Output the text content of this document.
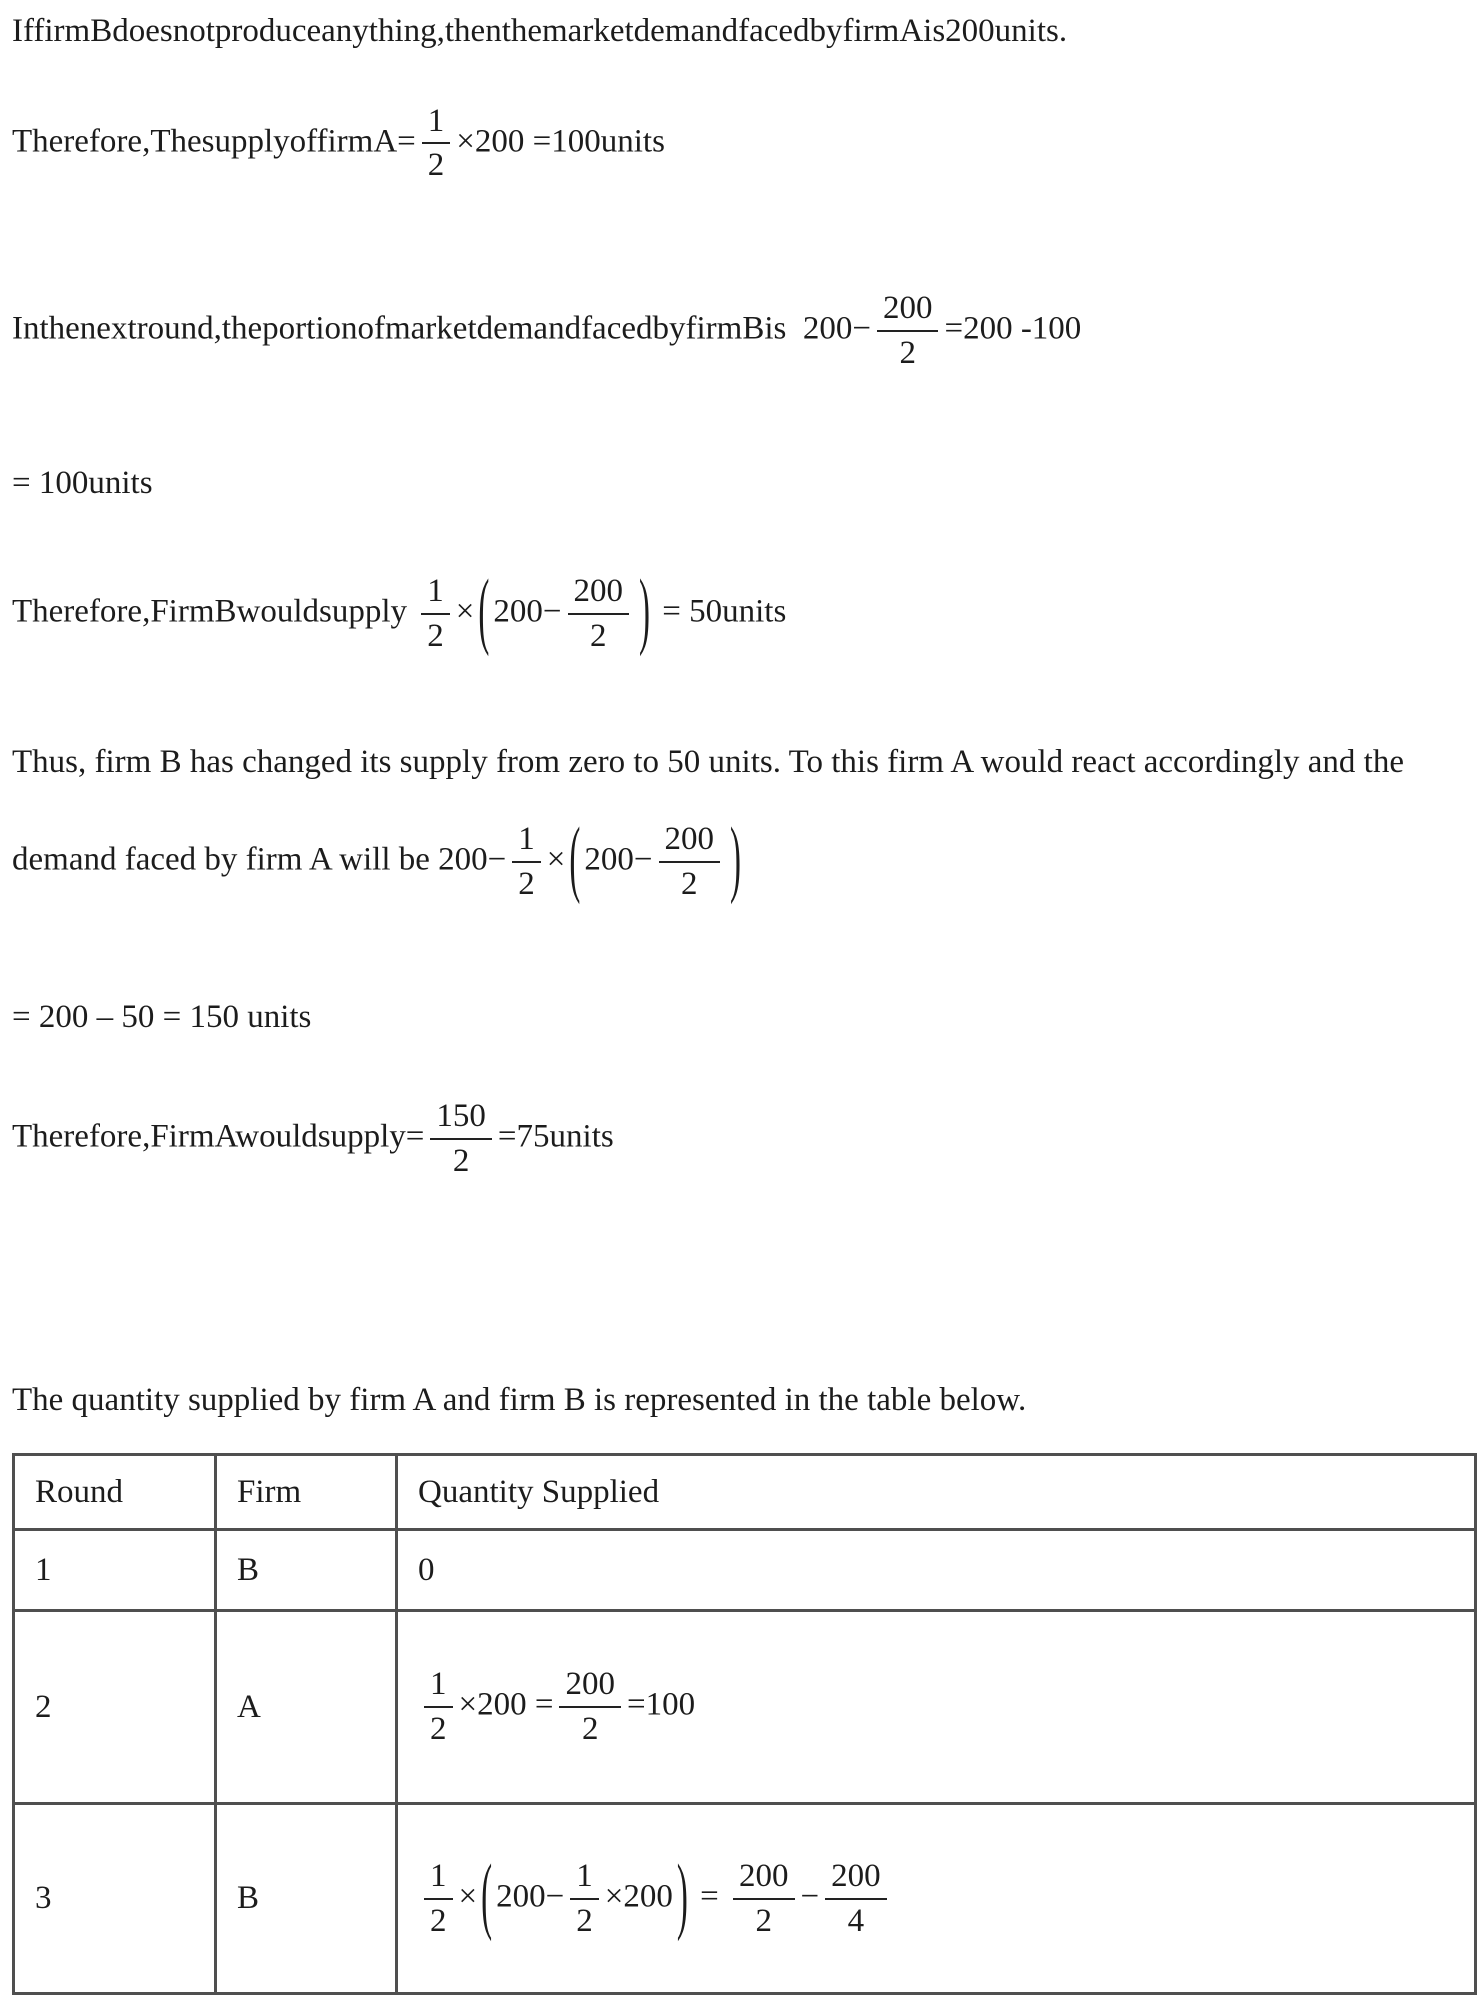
IffirmBdoesnotproduceanything,thenthemarketdemandfacedbyfirmAis200units.
Therefore,ThesupplyoffirmA= $\frac{1}{2} \times 200$ =100units
Inthenextround,theportionofmarketdemandfacedbyfirmBis  $200- \frac{200}{2} =200$ -100
= 100units
Therefore,FirmBwouldsupply $\frac{1}{2}$ × ( $200- \frac{200}{2}$ ) = 50units
Thus, firm B has changed its supply from zero to 50 units. To this firm A would react accordingly and the
demand faced by firm A will be $200- \frac{1}{2}$ × ( $200- \frac{200}{2}$ )
= 200 – 50 = 150 units
Therefore,FirmAwouldsupply= $\frac{150}{2}$ =75units
The quantity supplied by firm A and firm B is represented in the table below.
Round	Firm	Quantity Supplied
1	B	0
2	A	$\frac{1}{2} \times 200 = \frac{200}{2} =100$
3	B	$\frac{1}{2}$ × ( $200- \frac{1}{2} \times 200$ ) = $\frac{200}{2} - \frac{200}{4}$
